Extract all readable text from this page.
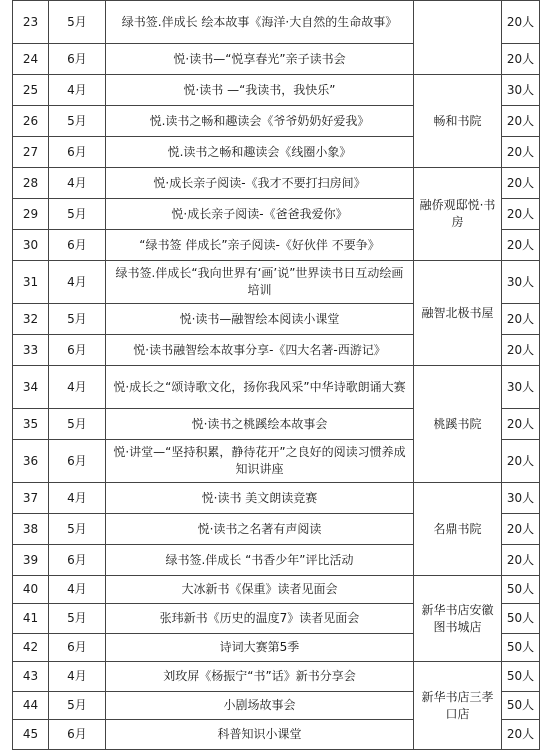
23	5月	绿书签.伴成长 绘本故事《海洋·大自然的生命故事》		20人
24	6月	悦·读书—“悦享春光”亲子读书会		20人
25	4月	悦·读书 —“我读书，我快乐”	畅和书院	30人
26	5月	悦.读书之畅和趣读会《爷爷奶奶好爱我》		20人
27	6月	悦.读书之畅和趣读会《线圈小象》		20人
28	4月	悦·成长亲子阅读-《我才不要打扫房间》	融侨观邸悦·书房	20人
29	5月	悦·成长亲子阅读-《爸爸我爱你》		20人
30	6月	“绿书签 伴成长”亲子阅读-《好伙伴 不要争》		20人
31	4月	绿书签.伴成长“我向世界有‘画’说”世界读书日互动绘画培训	融智北极书屋	30人
32	5月	悦·读书—融智绘本阅读小课堂		20人
33	6月	悦·读书融智绘本故事分享-《四大名著-西游记》		20人
34	4月	悦·成长之“颂诗歌文化，扬你我风采”中华诗歌朗诵大赛	桃蹊书院	30人
35	5月	悦·读书之桃蹊绘本故事会		20人
36	6月	悦·讲堂—“坚持积累，静待花开”之良好的阅读习惯养成知识讲座		20人
37	4月	悦·读书 美文朗读竞赛	名鼎书院	30人
38	5月	悦·读书之名著有声阅读		20人
39	6月	绿书签.伴成长 “书香少年”评比活动		20人
40	4月	大冰新书《保重》读者见面会	新华书店安徽图书城店	50人
41	5月	张玮新书《历史的温度7》读者见面会		50人
42	6月	诗词大赛第5季		50人
43	4月	刘玫屏《杨振宁“书”话》新书分享会	新华书店三孝口店	50人
44	5月	小剧场故事会		50人
45	6月	科普知识小课堂		20人
